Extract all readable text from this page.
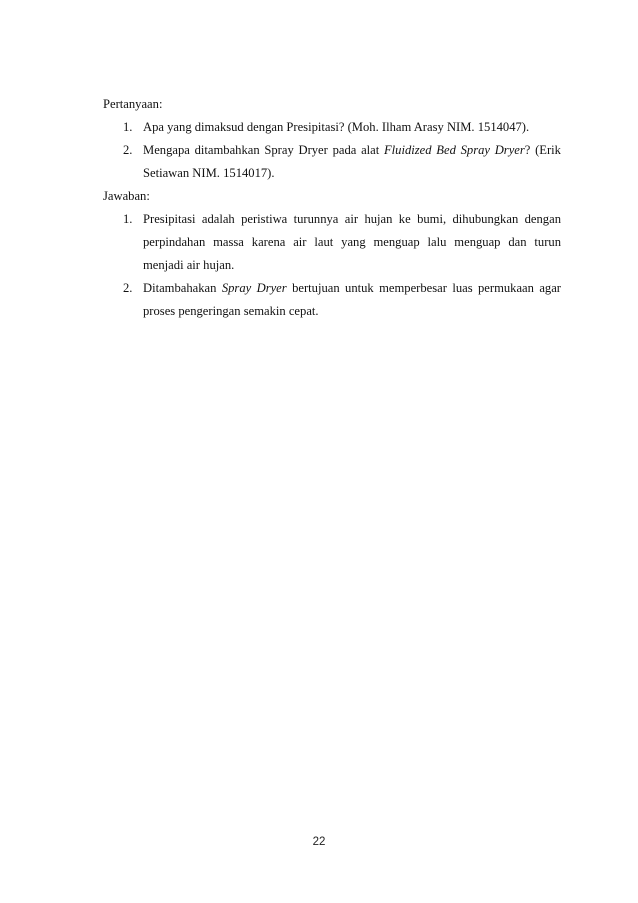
Pertanyaan:

1. Apa yang dimaksud dengan Presipitasi? (Moh. Ilham Arasy NIM. 1514047).
2. Mengapa ditambahkan Spray Dryer pada alat Fluidized Bed Spray Dryer? (Erik
Setiawan NIM. 1514017).

Jawaban:

1. Presipitasi adalah peristiwa turunnya air hujan ke bumi, dihubungkan dengan
perpindahan massa karena air laut yang menguap lalu menguap dan turun
menjadi air hujan.
2. Ditambahakan Spray Dryer bertujuan untuk memperbesar luas permukaan agar
proses pengeringan semakin cepat.
22
